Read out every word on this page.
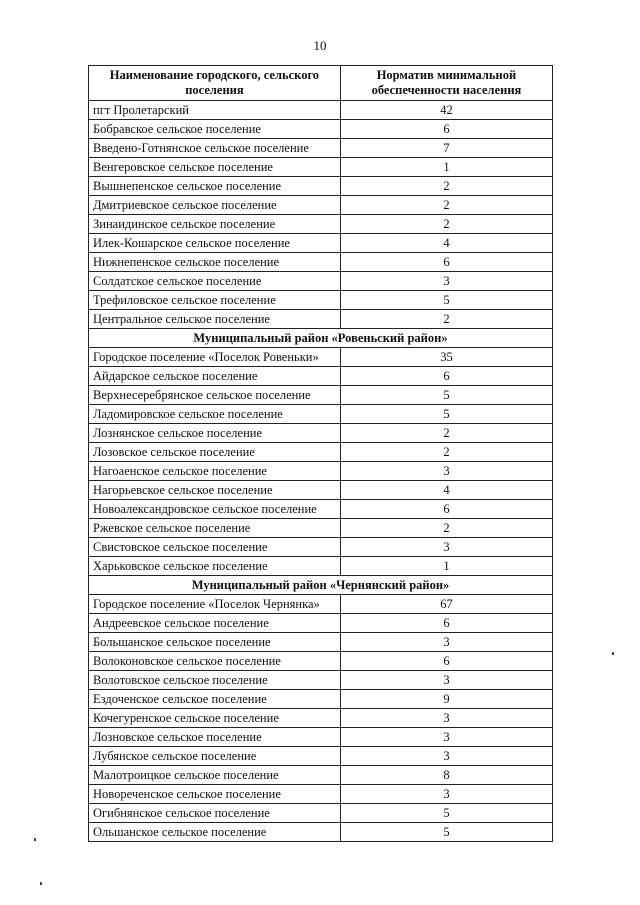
10
Наименование городского, сельского поселения	Норматив минимальной обеспеченности населения
пгт Пролетарский	42
Бобравское сельское поселение	6
Введено-Готнянское сельское поселение	7
Венгеровское сельское поселение	1
Вышнепенское сельское поселение	2
Дмитриевское сельское поселение	2
Зинаидинское сельское поселение	2
Илек-Кошарское сельское поселение	4
Нижнепенское сельское поселение	6
Солдатское сельское поселение	3
Трефиловское сельское поселение	5
Центральное сельское поселение	2
Муниципальный район «Ровеньский район»	
Городское поселение «Поселок Ровеньки»	35
Айдарское сельское поселение	6
Верхнесеребрянское сельское поселение	5
Ладомировское сельское поселение	5
Лознянское сельское поселение	2
Лозовское сельское поселение	2
Нагоаенское сельское поселение	3
Нагорьевское сельское поселение	4
Новоалександровское сельское поселение	6
Ржевское сельское поселение	2
Свистовское сельское поселение	3
Харьковское сельское поселение	1
Муниципальный район «Чернянский район»	
Городское поселение «Поселок Чернянка»	67
Андреевское сельское поселение	6
Большанское сельское поселение	3
Волоконовское сельское поселение	6
Волотовское сельское поселение	3
Ездоченское сельское поселение	9
Кочегуренское сельское поселение	3
Лозновское сельское поселение	3
Лубянское сельское поселение	3
Малотроицкое сельское поселение	8
Новореченское сельское поселение	3
Огибнянское сельское поселение	5
Ольшанское сельское поселение	5
